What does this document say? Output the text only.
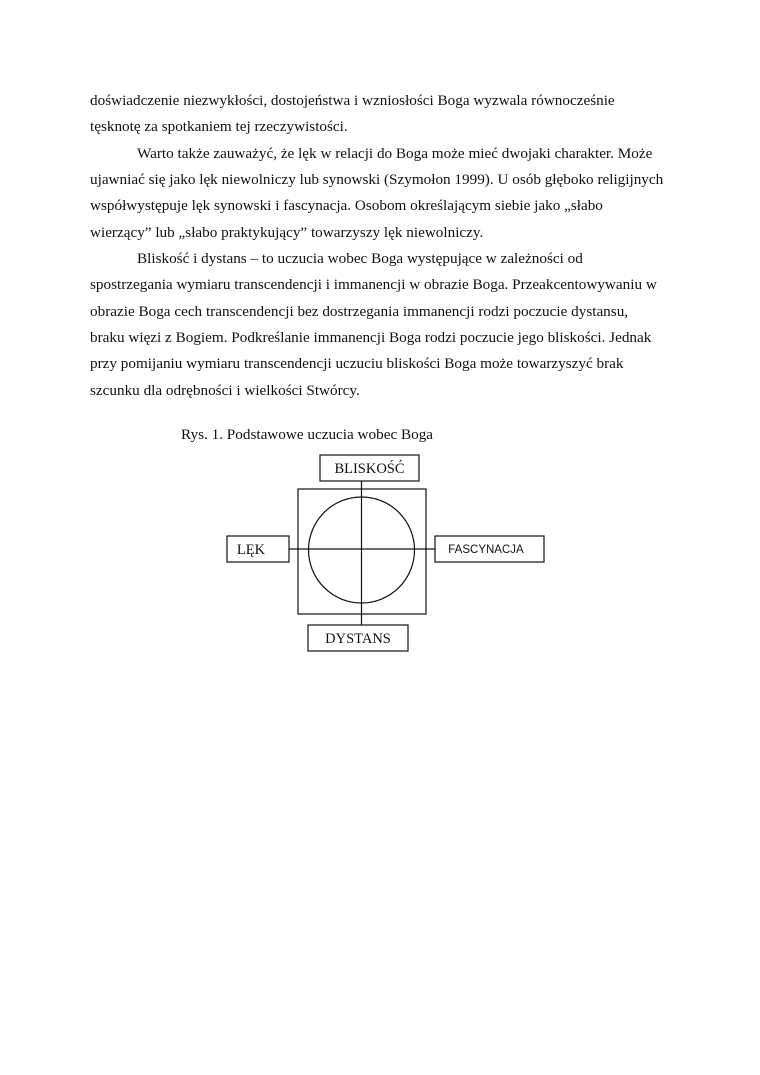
doświadczenie niezwykłości, dostojeństwa i wzniosłości Boga wyzwala równocześnie
tęsknotę za spotkaniem tej rzeczywistości.
Warto także zauważyć, że lęk w relacji do Boga może mieć dwojaki charakter. Może
ujawniać się jako lęk niewolniczy lub synowski (Szymołon 1999). U osób głęboko religijnych
współwystępuje lęk synowski i fascynacja. Osobom określającym siebie jako „słabo
wierzący” lub „słabo praktykujący” towarzyszy lęk niewolniczy.
Bliskość i dystans – to uczucia wobec Boga występujące w zależności od
spostrzegania wymiaru transcendencji i immanencji w obrazie Boga. Przeakcentowywaniu w
obrazie Boga cech transcendencji bez dostrzegania immanencji rodzi poczucie dystansu,
braku więzi z Bogiem. Podkreślanie immanencji Boga rodzi poczucie jego bliskości. Jednak
przy pomijaniu wymiaru transcendencji uczuciu bliskości Boga może towarzyszyć brak
szcunku dla odrębności i wielkości Stwórcy.
Rys. 1. Podstawowe uczucia wobec Boga
BLISKOŚĆ
LĘK	FASCYNACJA
DYSTANS
